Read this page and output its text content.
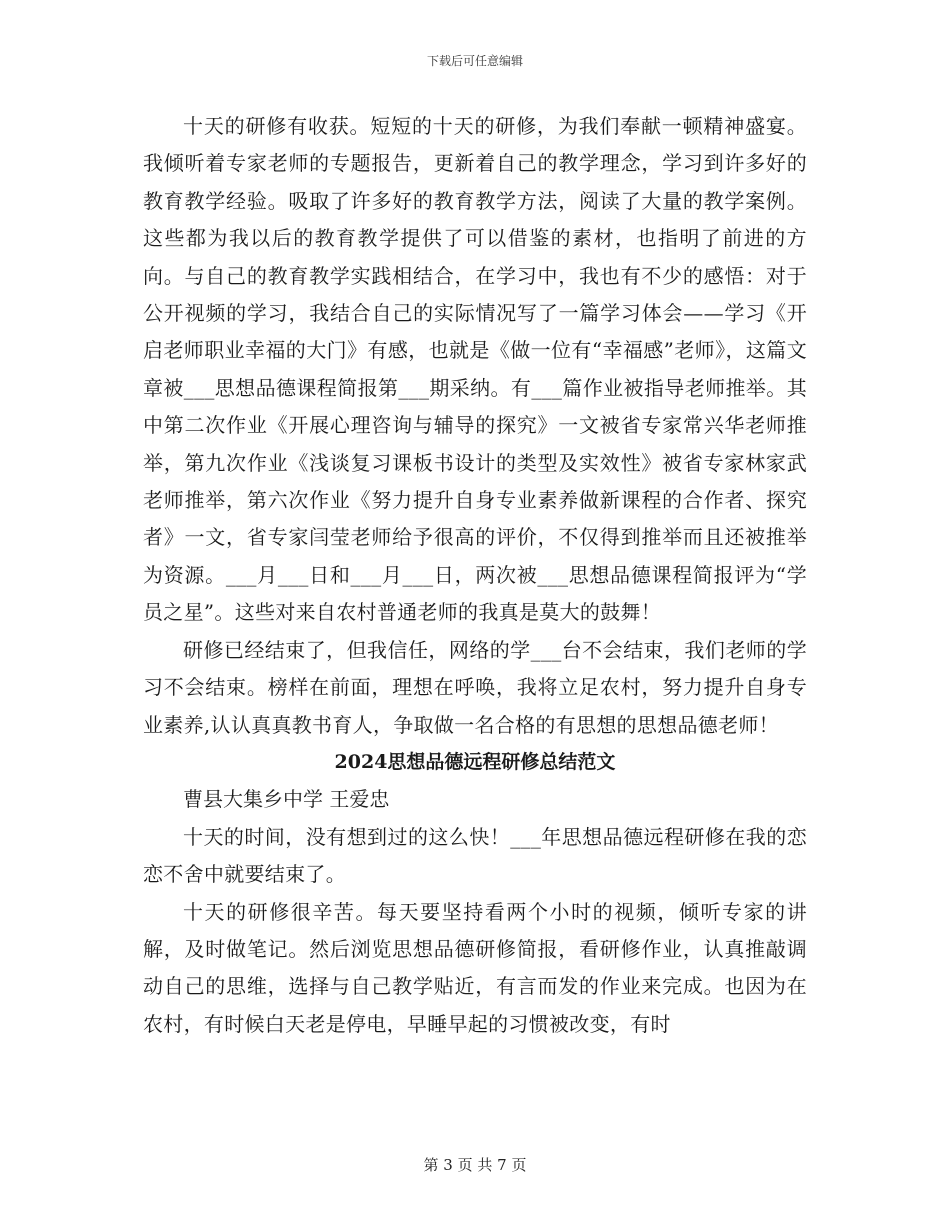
下载后可任意编辑

十天的研修有收获。短短的十天的研修，为我们奉献一顿精神盛宴。我倾听着专家老师的专题报告，更新着自己的教学理念，学习到许多好的教育教学经验。吸取了许多好的教育教学方法，阅读了大量的教学案例。这些都为我以后的教育教学提供了可以借鉴的素材，也指明了前进的方向。与自己的教育教学实践相结合，在学习中，我也有不少的感悟：对于公开视频的学习，我结合自己的实际情况写了一篇学习体会——学习《开启老师职业幸福的大门》有感，也就是《做一位有“幸福感”老师》，这篇文章被___思想品德课程简报第___期采纳。有___篇作业被指导老师推举。其中第二次作业《开展心理咨询与辅导的探究》一文被省专家常兴华老师推举，第九次作业《浅谈复习课板书设计的类型及实效性》被省专家林家武老师推举，第六次作业《努力提升自身专业素养做新课程的合作者、探究者》一文，省专家闫莹老师给予很高的评价，不仅得到推举而且还被推举为资源。___月___日和___月___日，两次被___思想品德课程简报评为“学员之星”。这些对来自农村普通老师的我真是莫大的鼓舞！

研修已经结束了，但我信任，网络的学___台不会结束，我们老师的学习不会结束。榜样在前面，理想在呼唤，我将立足农村，努力提升自身专业素养,认认真真教书育人，争取做一名合格的有思想的思想品德老师！

2024思想品德远程研修总结范文

曹县大集乡中学 王爱忠

十天的时间，没有想到过的这么快！___年思想品德远程研修在我的恋恋不舍中就要结束了。

十天的研修很辛苦。每天要坚持看两个小时的视频，倾听专家的讲解，及时做笔记。然后浏览思想品德研修简报，看研修作业，认真推敲调动自己的思维，选择与自己教学贴近，有言而发的作业来完成。也因为在农村，有时候白天老是停电，早睡早起的习惯被改变，有时

第 3 页 共 7 页
